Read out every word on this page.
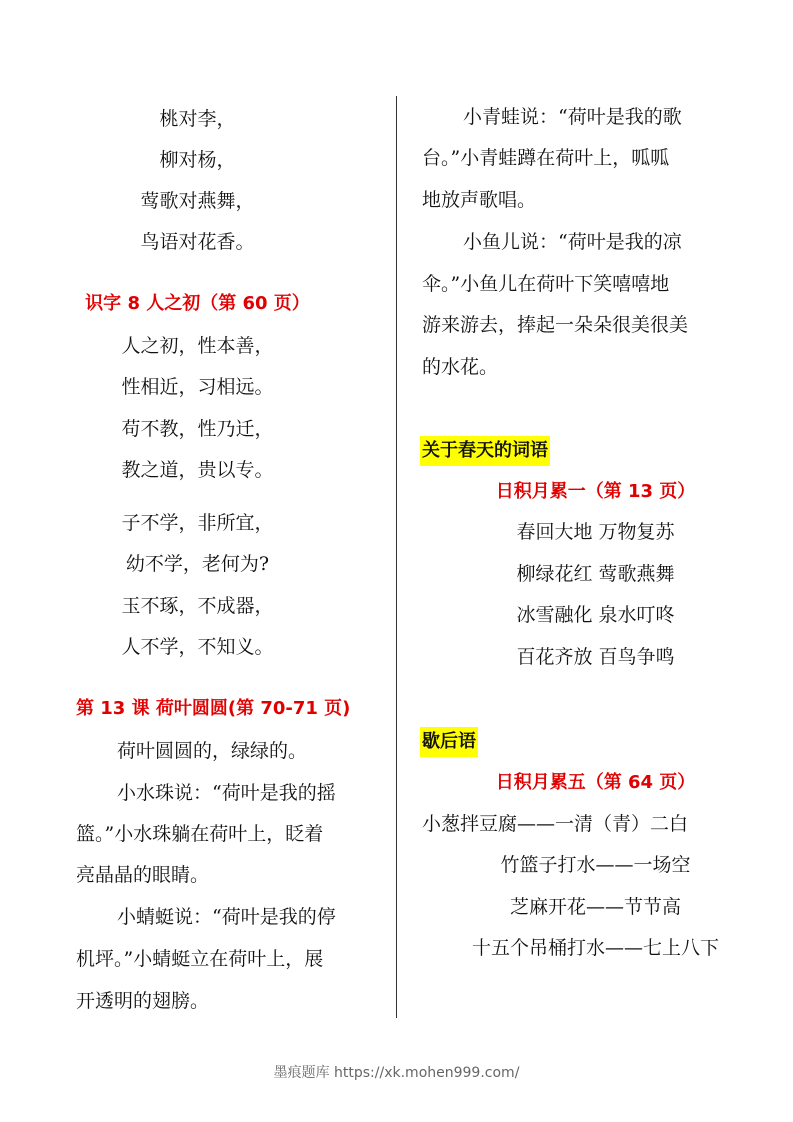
桃对李，
柳对杨，
莺歌对燕舞，
鸟语对花香。
识字 8 人之初（第 60 页）
人之初，性本善，
性相近，习相远。
苟不教，性乃迁，
教之道，贵以专。
子不学，非所宜，
幼不学，老何为?
玉不琢，不成器，
人不学，不知义。
第 13 课 荷叶圆圆(第 70-71 页)
荷叶圆圆的，绿绿的。
小水珠说：“荷叶是我的摇
篮。”小水珠躺在荷叶上，眨着
亮晶晶的眼睛。
小蜻蜓说：“荷叶是我的停
机坪。”小蜻蜓立在荷叶上，展
开透明的翅膀。
小青蛙说：“荷叶是我的歌
台。”小青蛙蹲在荷叶上，呱呱
地放声歌唱。
小鱼儿说：“荷叶是我的凉
伞。”小鱼儿在荷叶下笑嘻嘻地
游来游去，捧起一朵朵很美很美
的水花。
关于春天的词语
日积月累一（第 13 页）
春回大地 万物复苏
柳绿花红 莺歌燕舞
冰雪融化 泉水叮咚
百花齐放 百鸟争鸣
歇后语
日积月累五（第 64 页）
小葱拌豆腐——一清（青）二白
竹篮子打水——一场空
芝麻开花——节节高
十五个吊桶打水——七上八下
墨痕题库 https://xk.mohen999.com/
